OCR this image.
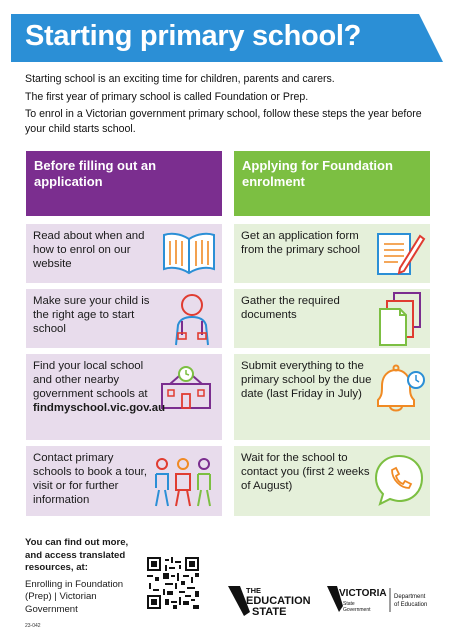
Starting primary school?

Starting school is an exciting time for children, parents and carers.

The first year of primary school is called Foundation or Prep.

To enrol in a Victorian government primary school, follow these steps the year before your child starts school.

Before filling out an application
Applying for Foundation enrolment
Read about when and how to enrol on our website
Make sure your child is the right age to start school
Find your local school and other nearby government schools at
findmyschool.vic.gov.au
Contact primary schools to book a tour, visit or for further information
Get an application form from the primary school
Gather the required documents
Submit everything to the primary school by the due date (last Friday in July)
Wait for the school to contact you (first 2 weeks of August)
You can find out more, and access translated resources, at:
Enrolling in Foundation (Prep) | Victorian Government
THE
EDUCATION
STATE
VICTORIA
State
Government
Department
of Education
23-042
